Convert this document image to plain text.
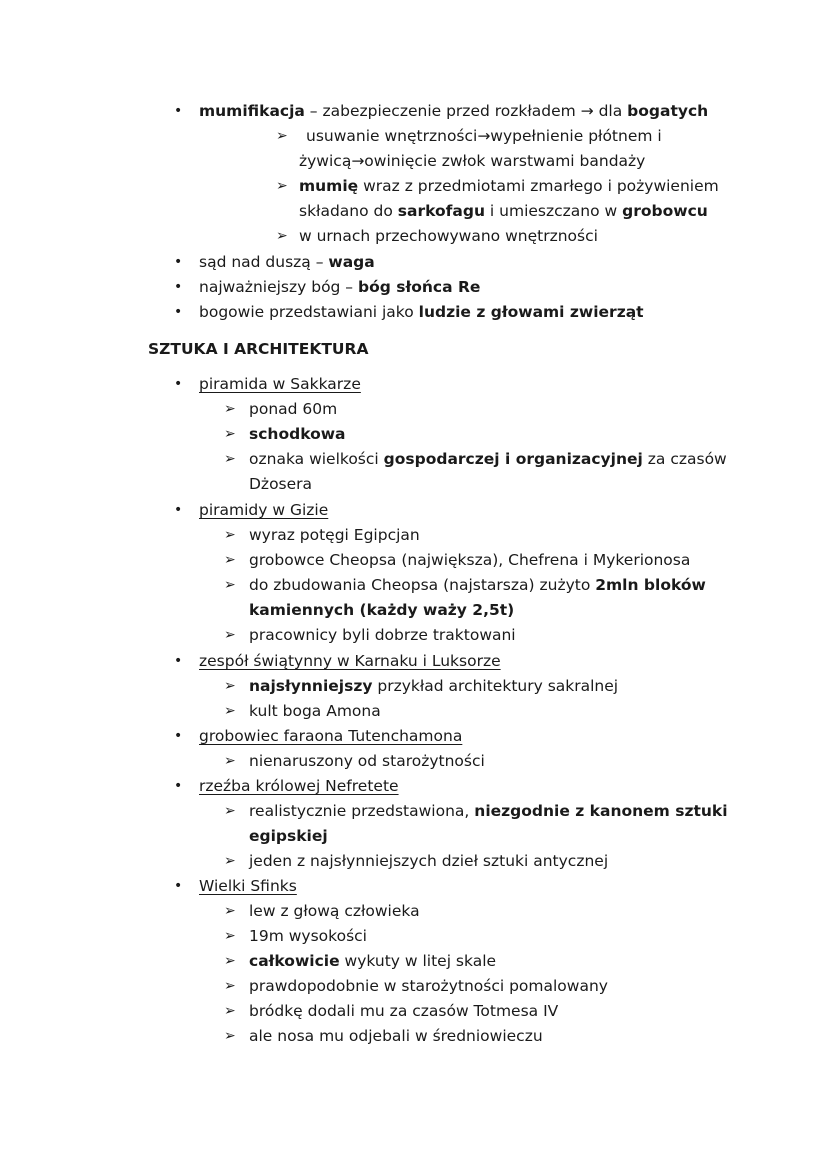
• mumifikacja – zabezpieczenie przed rozkładem → dla bogatych
➢ usuwanie wnętrzności→wypełnienie płótnem i
żywicą→owinięcie zwłok warstwami bandaży
➢ mumię wraz z przedmiotami zmarłego i pożywieniem
składano do sarkofagu i umieszczano w grobowcu
➢ w urnach przechowywano wnętrzności
• sąd nad duszą – waga
• najważniejszy bóg – bóg słońca Re
• bogowie przedstawiani jako ludzie z głowami zwierząt
SZTUKA I ARCHITEKTURA
• piramida w Sakkarze
➢ ponad 60m
➢ schodkowa
➢ oznaka wielkości gospodarczej i organizacyjnej za czasów
Dżosera
• piramidy w Gizie
➢ wyraz potęgi Egipcjan
➢ grobowce Cheopsa (największa), Chefrena i Mykerionosa
➢ do zbudowania Cheopsa (najstarsza) zużyto 2mln bloków
kamiennych (każdy waży 2,5t)
➢ pracownicy byli dobrze traktowani
• zespół świątynny w Karnaku i Luksorze
➢ najsłynniejszy przykład architektury sakralnej
➢ kult boga Amona
• grobowiec faraona Tutenchamona
➢ nienaruszony od starożytności
• rzeźba królowej Nefretete
➢ realistycznie przedstawiona, niezgodnie z kanonem sztuki
egipskiej
➢ jeden z najsłynniejszych dzieł sztuki antycznej
• Wielki Sfinks
➢ lew z głową człowieka
➢ 19m wysokości
➢ całkowicie wykuty w litej skale
➢ prawdopodobnie w starożytności pomalowany
➢ bródkę dodali mu za czasów Totmesa IV
➢ ale nosa mu odjebali w średniowieczu
